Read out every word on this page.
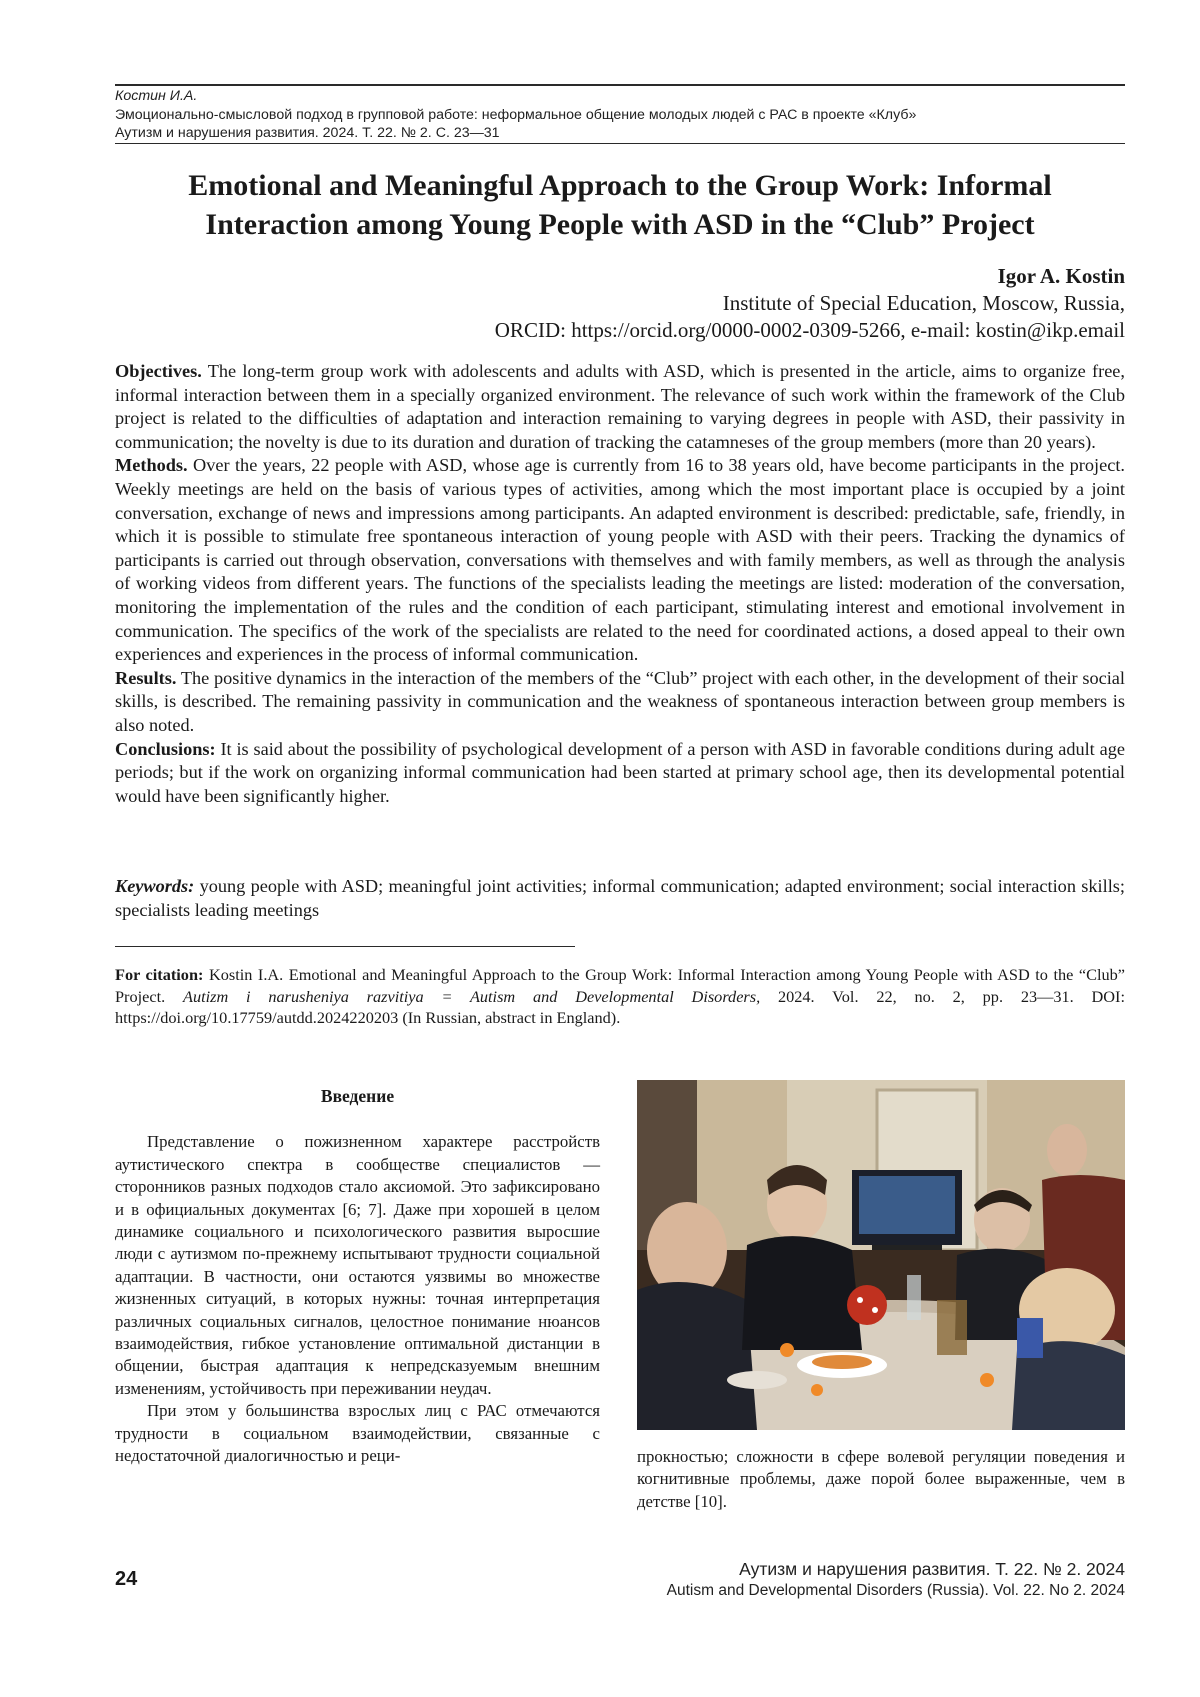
Костин И.А.
Эмоционально-смысловой подход в групповой работе: неформальное общение молодых людей с РАС в проекте «Клуб»
Аутизм и нарушения развития. 2024. Т. 22. № 2. С. 23—31
Emotional and Meaningful Approach to the Group Work: Informal
Interaction among Young People with ASD in the “Club” Project
Igor A. Kostin
Institute of Special Education, Moscow, Russia,
ORCID: https://orcid.org/0000-0002-0309-5266, e-mail: kostin@ikp.email

Objectives. The long-term group work with adolescents and adults with ASD, which is presented in the article, aims to organize free, informal interaction between them in a specially organized environment. The relevance of such work within the framework of the Club project is related to the difficulties of adaptation and interaction remaining to varying degrees in people with ASD, their passivity in communication; the novelty is due to its duration and duration of tracking the catamneses of the group members (more than 20 years).

Methods. Over the years, 22 people with ASD, whose age is currently from 16 to 38 years old, have become participants in the project. Weekly meetings are held on the basis of various types of activities, among which the most important place is occupied by a joint conversation, exchange of news and impressions among participants. An adapted environment is described: predictable, safe, friendly, in which it is possible to stimulate free spontaneous interaction of young people with ASD with their peers. Tracking the dynamics of participants is carried out through observation, conversations with themselves and with family members, as well as through the analysis of working videos from different years. The functions of the specialists leading the meetings are listed: moderation of the conversation, monitoring the implementation of the rules and the condition of each participant, stimulating interest and emotional involvement in communication. The specifics of the work of the specialists are related to the need for coordinated actions, a dosed appeal to their own experiences and experiences in the process of informal communication.

Results. The positive dynamics in the interaction of the members of the “Club” project with each other, in the development of their social skills, is described. The remaining passivity in communication and the weakness of spontaneous interaction between group members is also noted.

Conclusions: It is said about the possibility of psychological development of a person with ASD in favorable conditions during adult age periods; but if the work on organizing informal communication had been started at primary school age, then its developmental potential would have been significantly higher.

Keywords: young people with ASD; meaningful joint activities; informal communication; adapted environment; social interaction skills; specialists leading meetings
For citation: Kostin I.A. Emotional and Meaningful Approach to the Group Work: Informal Interaction among Young People with ASD to the “Club” Project. Autizm i narusheniya razvitiya = Autism and Developmental Disorders, 2024. Vol. 22, no. 2, pp. 23—31. DOI: https://doi.org/10.17759/autdd.2024220203 (In Russian, abstract in England).
Введение

Представление о пожизненном характере расстройств аутистического спектра в сообществе специалистов — сторонников разных подходов стало аксиомой. Это зафиксировано и в официальных документах [6; 7]. Даже при хорошей в целом динамике социального и психологического развития выросшие люди с аутизмом по-прежнему испытывают трудности социальной адаптации. В частности, они остаются уязвимы во множестве жизненных ситуаций, в которых нужны: точная интерпретация различных социальных сигналов, целостное понимание нюансов взаимодействия, гибкое установление оптимальной дистанции в общении, быстрая адаптация к непредсказуемым внешним изменениям, устойчивость при переживании неудач.

При этом у большинства взрослых лиц с РАС отмечаются трудности в социальном взаимодействии, связанные с недостаточной диалогичностью и реци-	прокностью; сложности в сфере волевой регуляции поведения и когнитивные проблемы, даже порой более выраженные, чем в детстве [10].

24	Аутизм и нарушения развития. Т. 22. № 2. 2024
Autism and Developmental Disorders (Russia). Vol. 22. No 2. 2024
